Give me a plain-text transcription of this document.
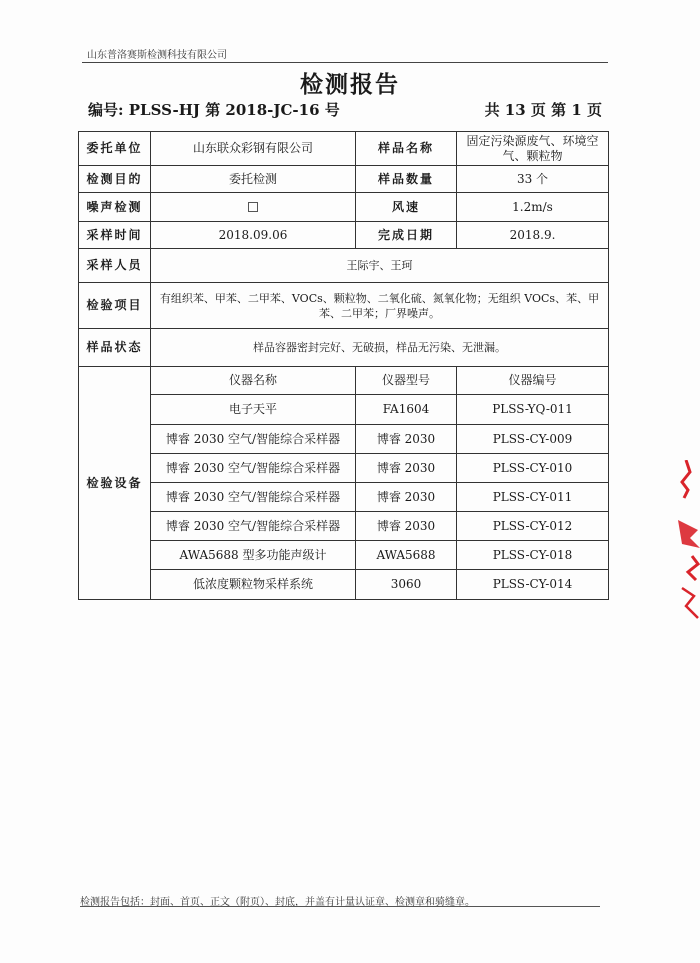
山东普洛赛斯检测科技有限公司
检测报告
编号: PLSS-HJ 第 2018-JC-16 号	共 13 页 第 1 页
委托单位	山东联众彩钢有限公司	样品名称	固定污染源废气、环境空气、颗粒物
检测目的	委托检测	样品数量	33 个
噪声检测		风速	1.2m/s
采样时间	2018.09.06	完成日期	2018.9.
采样人员	王际宇、王珂		
检验项目	有组织苯、甲苯、二甲苯、VOCs、颗粒物、二氧化硫、氮氧化物；无组织 VOCs、苯、甲苯、二甲苯；厂界噪声。		
样品状态	样品容器密封完好、无破损，样品无污染、无泄漏。		
检验设备	仪器名称	仪器型号	仪器编号
	电子天平	FA1604	PLSS-YQ-011
	博睿 2030 空气/智能综合采样器	博睿 2030	PLSS-CY-009
	博睿 2030 空气/智能综合采样器	博睿 2030	PLSS-CY-010
	博睿 2030 空气/智能综合采样器	博睿 2030	PLSS-CY-011
	博睿 2030 空气/智能综合采样器	博睿 2030	PLSS-CY-012
	AWA5688 型多功能声级计	AWA5688	PLSS-CY-018
	低浓度颗粒物采样系统	3060	PLSS-CY-014
检测报告包括：封面、首页、正文（附页）、封底，并盖有计量认证章、检测章和骑缝章。
